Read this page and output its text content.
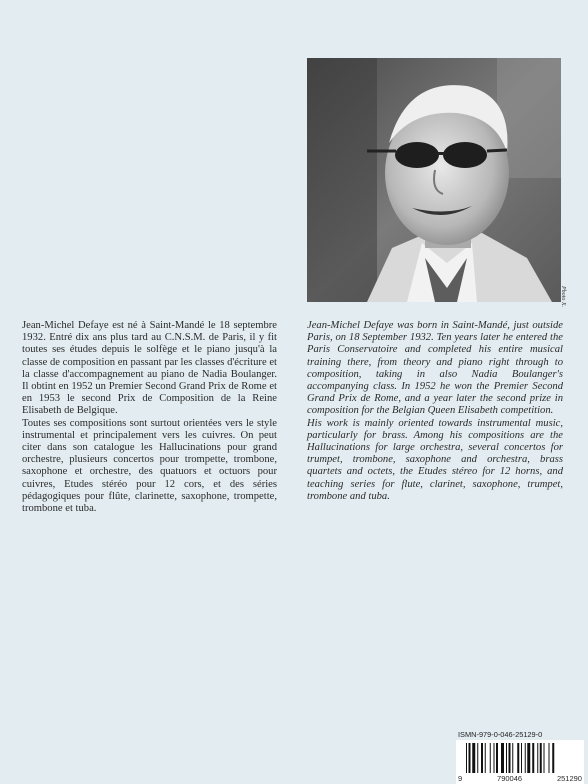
Photo X.

Jean-Michel Defaye est né à Saint-Mandé le 18 septembre 1932. Entré dix ans plus tard au C.N.S.M. de Paris, il y fit toutes ses études depuis le solfège et le piano jusqu'à la classe de composition en passant par les classes d'écriture et la classe d'accompagnement au piano de Nadia Boulanger. Il obtint en 1952 un Premier Second Grand Prix de Rome et en 1953 le second Prix de Composition de la Reine Elisabeth de Belgique.

Toutes ses compositions sont surtout orientées vers le style instrumental et principalement vers les cuivres. On peut citer dans son catalogue les Hallucinations pour grand orchestre, plusieurs concertos pour trompette, trombone, saxophone et orchestre, des quatuors et octuors pour cuivres, Etudes stéréo pour 12 cors, et des séries pédagogiques pour flûte, clarinette, saxophone, trompette, trombone et tuba.

Jean-Michel Defaye was born in Saint-Mandé, just outside Paris, on 18 September 1932. Ten years later he entered the Paris Conservatoire and completed his entire musical training there, from theory and piano right through to composition, taking in also Nadia Boulanger's accompanying class. In 1952 he won the Premier Second Grand Prix de Rome, and a year later the second prize in composition for the Belgian Queen Elisabeth competition.

His work is mainly oriented towards instrumental music, particularly for brass. Among his compositions are the Hallucinations for large orchestra, several concertos for trumpet, trombone, saxophone and orchestra, brass quartets and octets, the Etudes stéreo for 12 horns, and teaching series for flute, clarinet, saxophone, trumpet, trombone and tuba.

ISMN-979-0-046-25129-0
9	790046	251290
